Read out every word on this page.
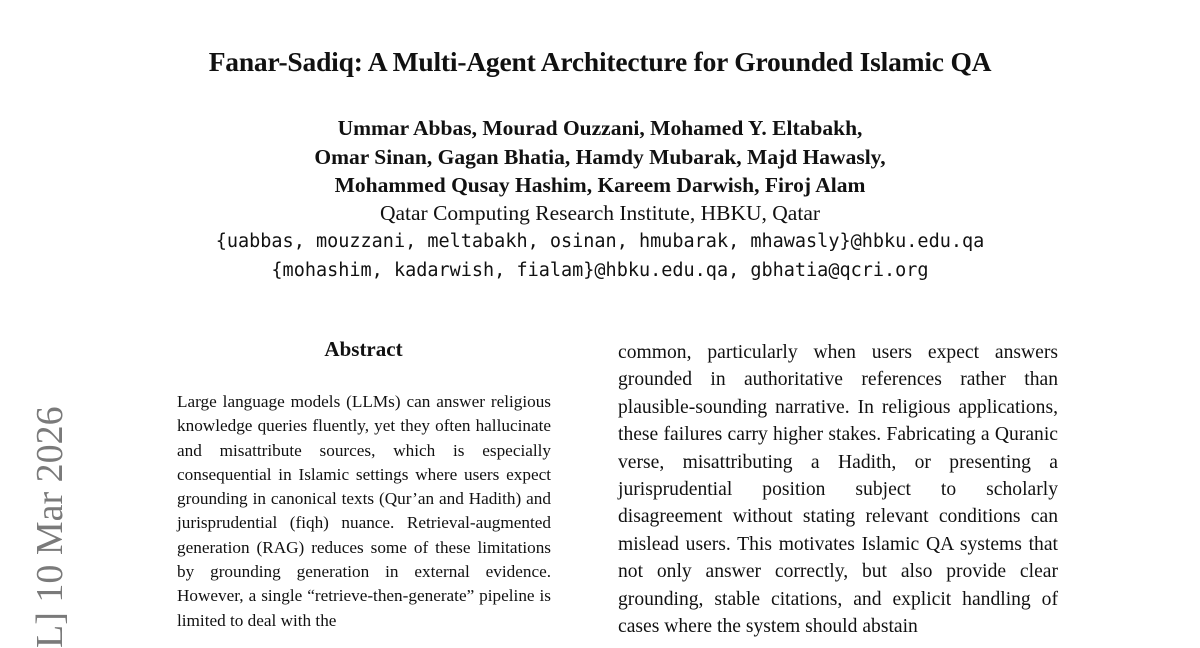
Fanar-Sadiq: A Multi-Agent Architecture for Grounded Islamic QA
Ummar Abbas, Mourad Ouzzani, Mohamed Y. Eltabakh,
Omar Sinan, Gagan Bhatia, Hamdy Mubarak, Majd Hawasly,
Mohammed Qusay Hashim, Kareem Darwish, Firoj Alam
Qatar Computing Research Institute, HBKU, Qatar
{uabbas, mouzzani, meltabakh, osinan, hmubarak, mhawasly}@hbku.edu.qa
{mohashim, kadarwish, fialam}@hbku.edu.qa, gbhatia@qcri.org
L] 10 Mar 2026
Abstract
Large language models (LLMs) can answer religious knowledge queries fluently, yet they often hallucinate and misattribute sources, which is especially consequential in Islamic settings where users expect grounding in canonical texts (Qur’an and Hadith) and jurisprudential (fiqh) nuance. Retrieval-augmented generation (RAG) reduces some of these limitations by grounding generation in external evidence. However, a single “retrieve-then-generate” pipeline is limited to deal with the
common, particularly when users expect answers grounded in authoritative references rather than plausible-sounding narrative. In religious applications, these failures carry higher stakes. Fabricating a Quranic verse, misattributing a Hadith, or presenting a jurisprudential position subject to scholarly disagreement without stating relevant conditions can mislead users. This motivates Islamic QA systems that not only answer correctly, but also provide clear grounding, stable citations, and explicit handling of cases where the system should abstain
